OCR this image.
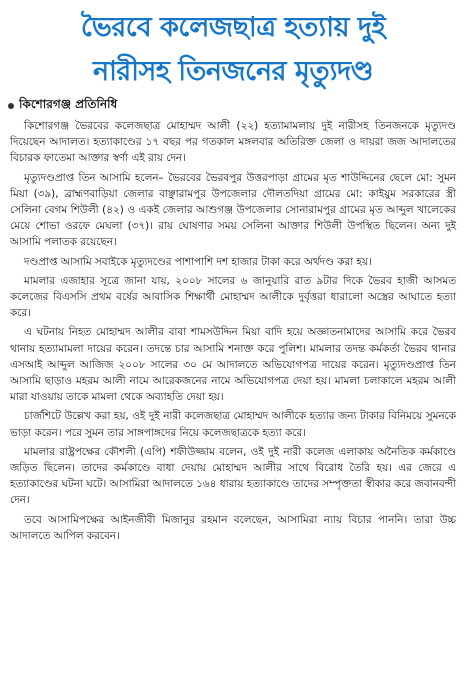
ভৈরবে কলেজছাত্র হত্যায় দুই
নারীসহ তিনজনের মৃত্যুদণ্ড
কিশোরগঞ্জ প্রতিনিধি

কিশোরগঞ্জ ভৈরবের কলেজছাত্র মোহাম্মদ আলী (২২) হত্যামামলায় দুই নারীসহ তিনজনকে মৃত্যুদণ্ড দিয়েছেন আদালত। হত্যাকাণ্ডের ১৭ বছর পর গতকাল মঙ্গলবার অতিরিক্ত জেলা ও দায়রা জজ আদালতের বিচারক ফাতেমা আক্তার স্বর্ণা এই রায় দেন।

মৃত্যুদণ্ডপ্রাপ্ত তিন আসামি হলেন– ভৈরবের ভৈরবপুর উত্তরপাড়া গ্রামের মৃত শাউদ্দিনের ছেলে মো: সুমন মিয়া (৩৯), ব্রাহ্মণবাড়িয়া জেলার বাঞ্ছারামপুর উপজেলার দৌলতদিয়া গ্রামের মো: কাইয়ুম সরকারের স্ত্রী সেলিনা বেগম শিউলী (৪২) ও একই জেলার আশুগঞ্জ উপজেলার সোনারামপুর গ্রামের মৃত আব্দুল খালেকের মেয়ে শোভা ওরফে মেঘলা (৩৭)। রায় ঘোষণার সময় সেলিনা আক্তার শিউলী উপস্থিত ছিলেন। অন্য দুই আসামি পলাতক রয়েছেন।

দণ্ডপ্রাপ্ত আসামি সবাইকে মৃত্যুদণ্ডের পাশাপাশি দশ হাজার টাকা করে অর্থদণ্ড করা হয়।

মামলার এজাহার সূত্রে জানা যায়, ২০০৮ সালের ৬ জানুয়ারি রাত ৯টার দিকে ভৈরব হাজী আসমত কলেজের বিএসসি প্রথম বর্ষের আবাসিক শিক্ষার্থী মোহাম্মদ আলীকে দুর্বৃত্তরা ধারালো অস্ত্রের আঘাতে হত্যা করে।

এ ঘটনায় নিহত মোহাম্মদ আলীর বাবা শামসউদ্দিন মিয়া বাদি হয়ে অজ্ঞাতনামাদের আসামি করে ভৈরব থানায় হত্যামামলা দায়ের করেন। তদন্তে চার আসামি শনাক্ত করে পুলিশ। মামলার তদন্ত কর্মকর্তা ভৈরব থানার এসআই আব্দুল আজিজ ২০০৮ সালের ৩০ মে আদালতে অভিযোগপত্র দায়ের করেন। মৃত্যুদণ্ডপ্রাপ্ত তিন আসামি ছাড়াও মহরম আলী নামে আরেকজনের নামে অভিযোগপত্র দেয়া হয়। মামলা চলাকালে মহরম আলী মারা যাওয়ায় তাকে মামলা থেকে অব্যাহতি দেয়া হয়।

চার্জশিটে উল্লেখ করা হয়, ওই দুই নারী কলেজছাত্র মোহাম্মদ আলীকে হত্যার জন্য টাকার বিনিময়ে সুমনকে ভাড়া করেন। পরে সুমন তার সাঙ্গপাঙ্গদের নিয়ে কলেজছাত্রকে হত্যা করে।

মামলার রাষ্ট্রপক্ষের কৌশলী (এপি) শফীউজ্জাম বলেন, ওই দুই নারী কলেজ এলাকায় অনৈতিক কর্মকাণ্ডে জড়িত ছিলেন। তাদের কর্মকাণ্ডে বাধা দেয়ায় মোহাম্মদ আলীর সাথে বিরোধ তৈরি হয়। এর জেরে এ হত্যাকাণ্ডের ঘটনা ঘটে। আসামিরা আদালতে ১৬৪ ধারায় হত্যাকাণ্ডে তাদের সম্পৃক্ততা স্বীকার করে জবানবন্দী দেন।

তবে আসামিপক্ষের আইনজীবী মিজানুর রহমান বলেছেন, আসামিরা ন্যায় বিচার পাননি। তারা উচ্চ আদালতে আপিল করবেন।
